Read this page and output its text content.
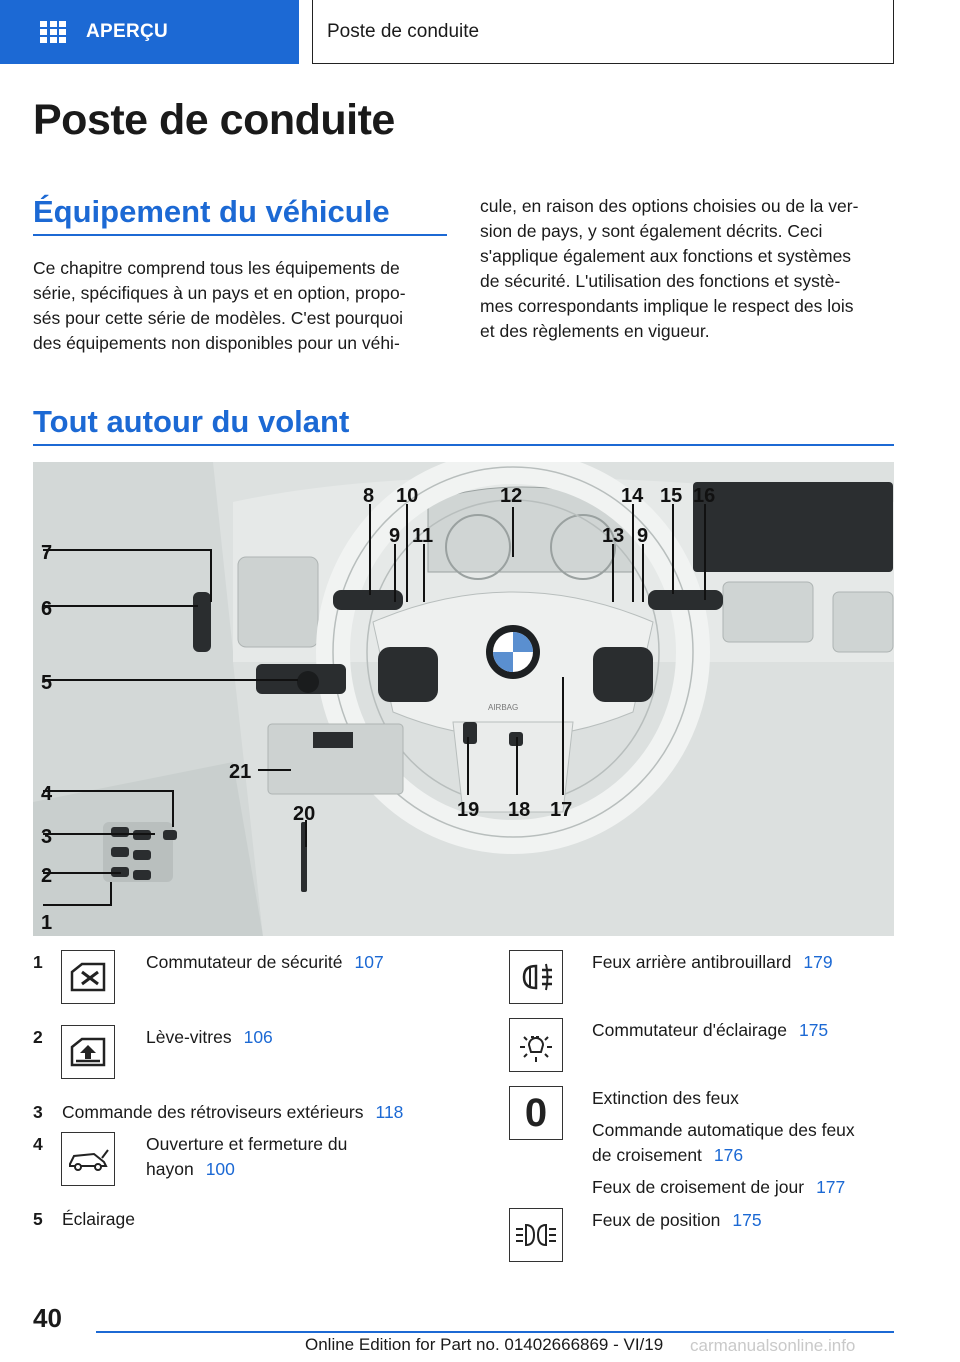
APERÇU	Poste de conduite
Poste de conduite
Équipement du véhicule

Ce chapitre comprend tous les équipements de

série, spécifiques à un pays et en option, propo-

sés pour cette série de modèles. C'est pourquoi

des équipements non disponibles pour un véhi-

cule, en raison des options choisies ou de la ver-

sion de pays, y sont également décrits. Ceci

s'applique également aux fonctions et systèmes

de sécurité. L'utilisation des fonctions et systè-

mes correspondants implique le respect des lois

et des règlements en vigueur.

Tout autour du volant
1
2
3
4
5
6
7
8
9
10
11
12
13 9
14 15 16
17
18
19
20
21
AIRBAG
1	Commutateur de sécurité 107
2	Lève-vitres 106
3 Commande des rétroviseurs extérieurs 118
4	Ouverture et fermeture du
hayon 100
5 Éclairage
Feux arrière antibrouillard 179
Commutateur d'éclairage 175
0	Extinction des feux
Commande automatique des feux
de croisement 176
Feux de croisement de jour 177
Feux de position 175
40
Online Edition for Part no. 01402666869 - VI/19 carmanualsonline.info
